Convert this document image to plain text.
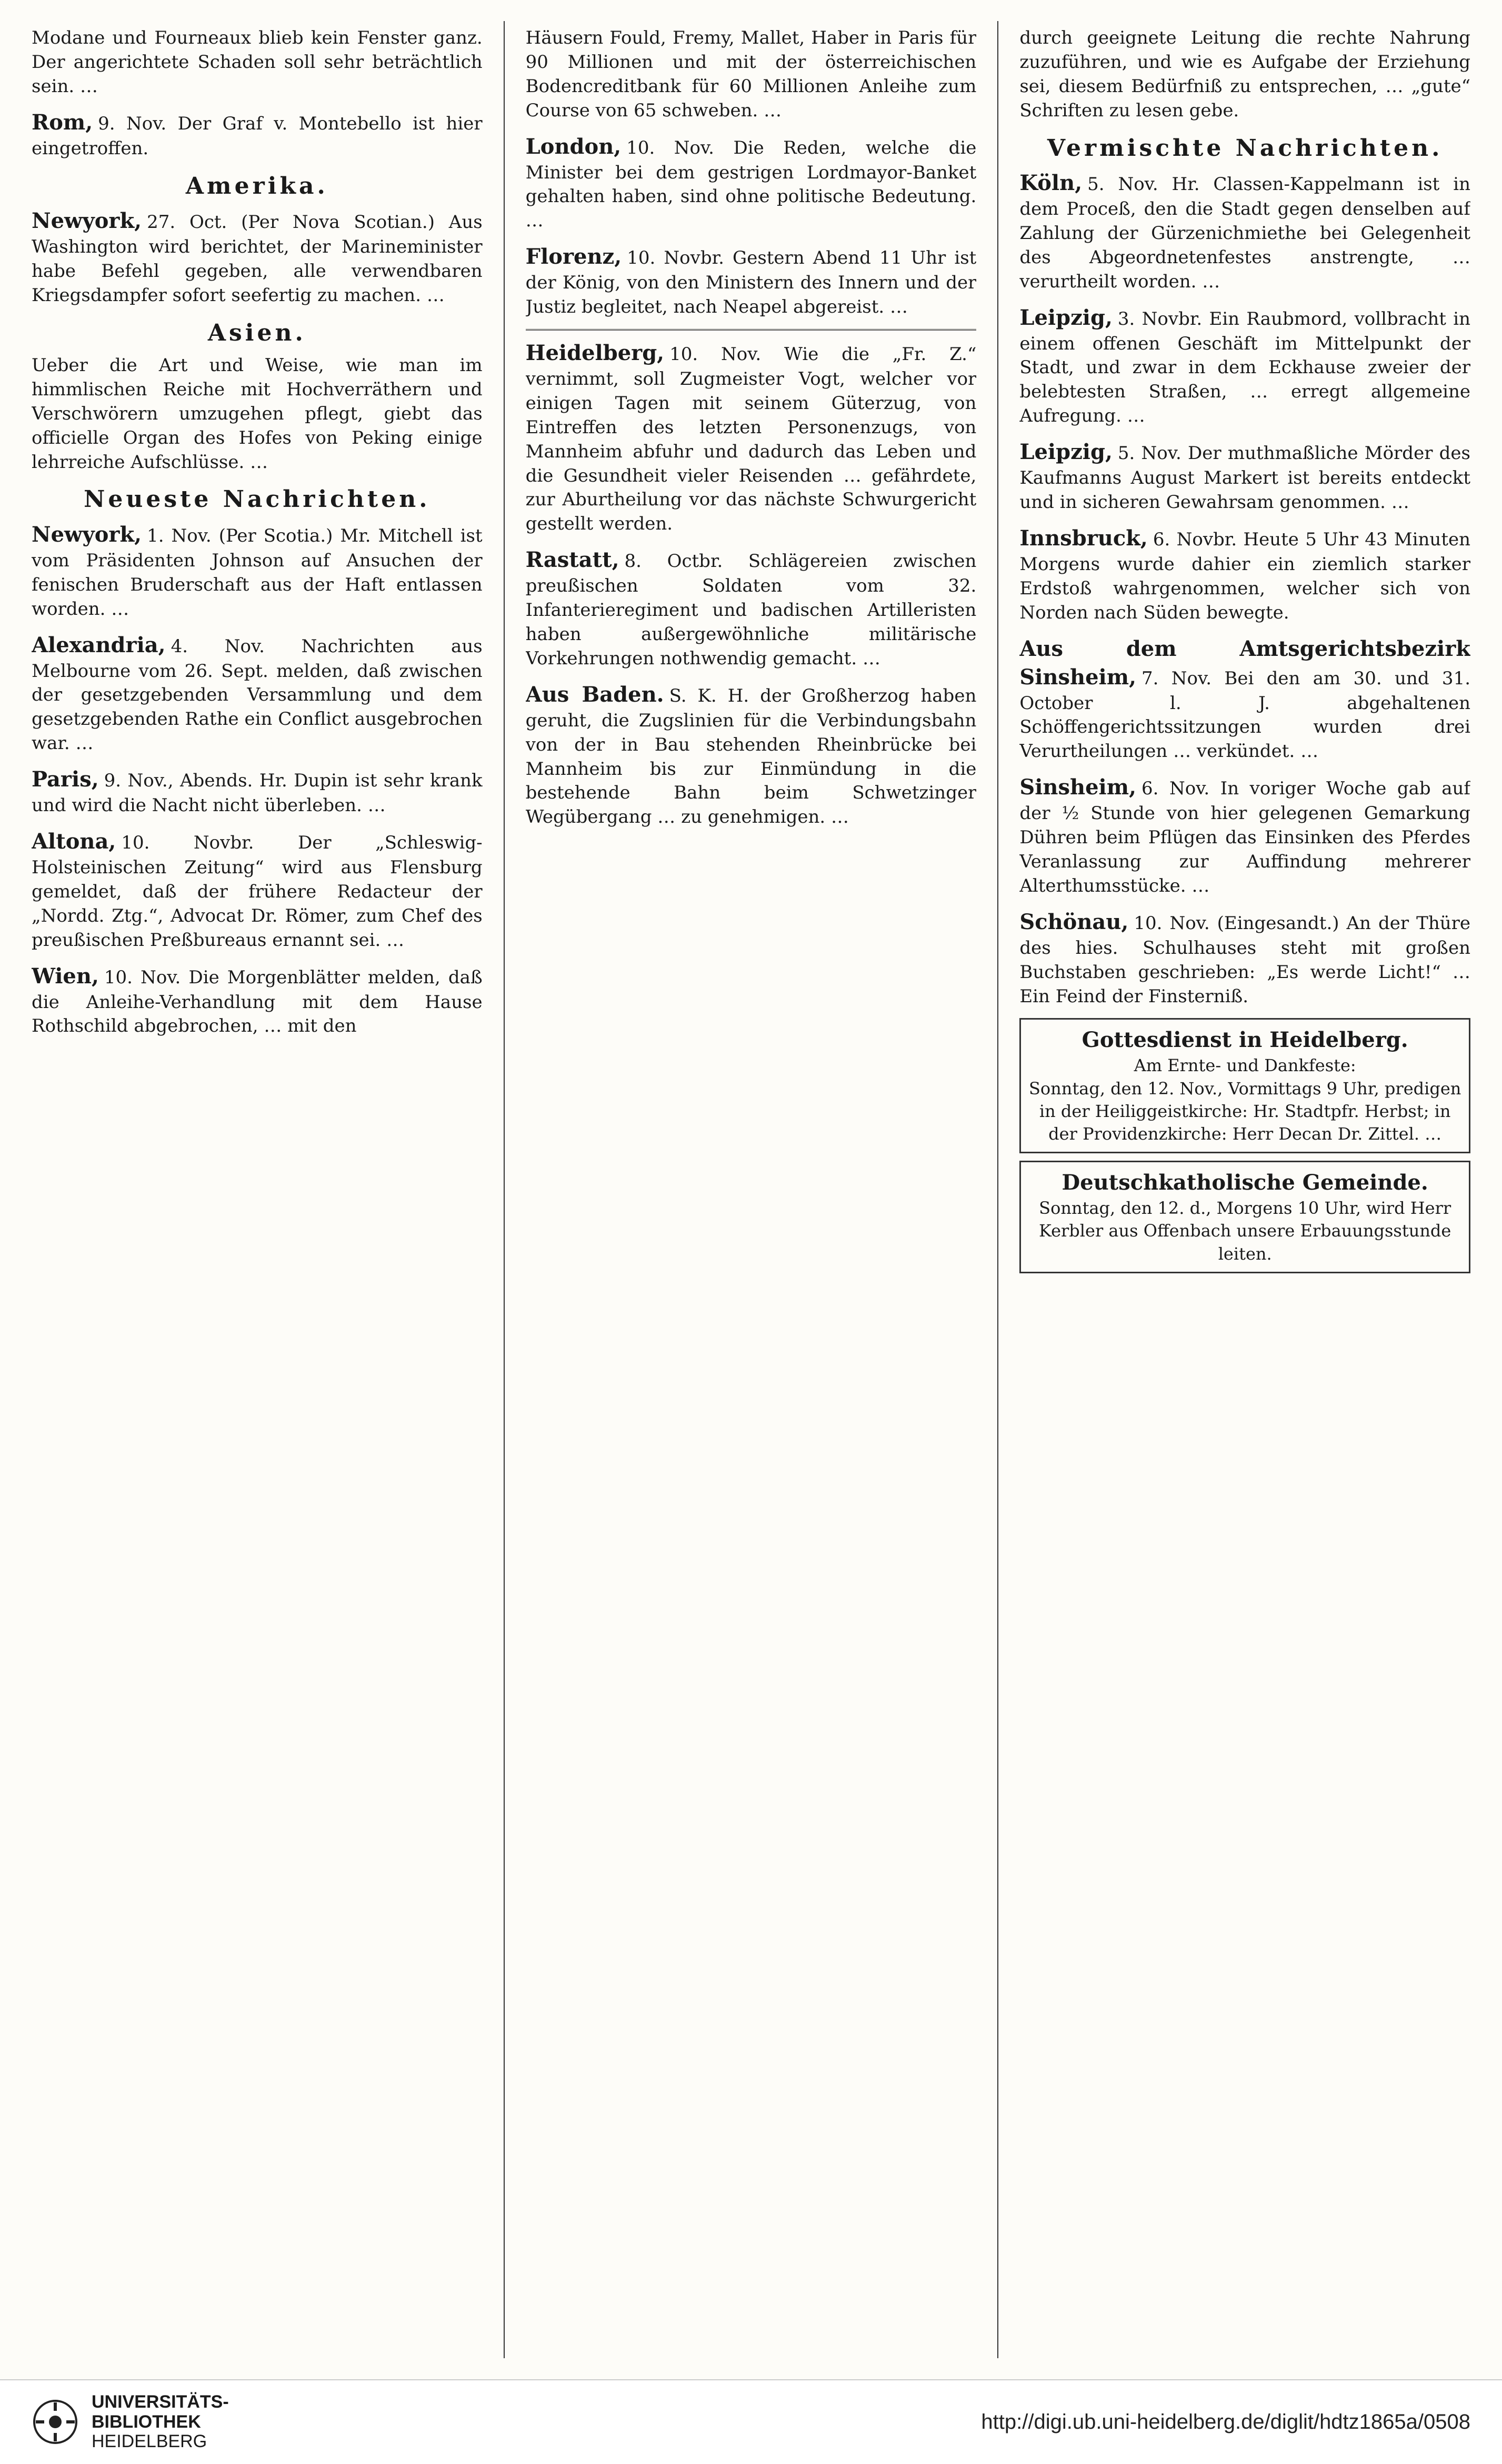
Modane und Fourneaux blieb kein Fenster ganz. Der angerichtete Schaden soll sehr beträchtlich sein. …
Rom, 9. Nov. Der Graf v. Montebello ist hier eingetroffen.
Amerika.
Newyork, 27. Oct. (Per Nova Scotian.) Aus Washington wird berichtet, der Marineminister habe Befehl gegeben, alle verwendbaren Kriegsdampfer sofort seefertig zu machen. …
Asien.
Ueber die Art und Weise, wie man im himmlischen Reiche mit Hochverräthern und Verschwörern umzugehen pflegt, giebt das officielle Organ des Hofes von Peking einige lehrreiche Aufschlüsse. …
Neueste Nachrichten.
Newyork, 1. Nov. (Per Scotia.) Mr. Mitchell ist vom Präsidenten Johnson auf Ansuchen der fenischen Bruderschaft aus der Haft entlassen worden. …
Alexandria, 4. Nov. Nachrichten aus Melbourne vom 26. Sept. melden, daß zwischen der gesetzgebenden Versammlung und dem gesetzgebenden Rathe ein Conflict ausgebrochen war. …
Paris, 9. Nov., Abends. Hr. Dupin ist sehr krank und wird die Nacht nicht überleben. …
Altona, 10. Novbr. Der „Schleswig-Holsteinischen Zeitung“ wird aus Flensburg gemeldet, daß der frühere Redacteur der „Nordd. Ztg.“, Advocat Dr. Römer, zum Chef des preußischen Preßbureaus ernannt sei. …
Wien, 10. Nov. Die Morgenblätter melden, daß die Anleihe-Verhandlung mit dem Hause Rothschild abgebrochen, … mit den
Häusern Fould, Fremy, Mallet, Haber in Paris für 90 Millionen und mit der österreichischen Bodencreditbank für 60 Millionen Anleihe zum Course von 65 schweben. …
London, 10. Nov. Die Reden, welche die Minister bei dem gestrigen Lordmayor-Banket gehalten haben, sind ohne politische Bedeutung. …
Florenz, 10. Novbr. Gestern Abend 11 Uhr ist der König, von den Ministern des Innern und der Justiz begleitet, nach Neapel abgereist. …
Heidelberg, 10. Nov. Wie die „Fr. Z.“ vernimmt, soll Zugmeister Vogt, welcher vor einigen Tagen mit seinem Güterzug, von Eintreffen des letzten Personenzugs, von Mannheim abfuhr und dadurch das Leben und die Gesundheit vieler Reisenden … gefährdete, zur Aburtheilung vor das nächste Schwurgericht gestellt werden.
Rastatt, 8. Octbr. Schlägereien zwischen preußischen Soldaten vom 32. Infanterieregiment und badischen Artilleristen haben außergewöhnliche militärische Vorkehrungen nothwendig gemacht. …
Aus Baden. S. K. H. der Großherzog haben geruht, die Zugslinien für die Verbindungsbahn von der in Bau stehenden Rheinbrücke bei Mannheim bis zur Einmündung in die bestehende Bahn beim Schwetzinger Wegübergang … zu genehmigen. …
durch geeignete Leitung die rechte Nahrung zuzuführen, und wie es Aufgabe der Erziehung sei, diesem Bedürfniß zu entsprechen, … „gute“ Schriften zu lesen gebe.
Vermischte Nachrichten.
Köln, 5. Nov. Hr. Classen-Kappelmann ist in dem Proceß, den die Stadt gegen denselben auf Zahlung der Gürzenichmiethe bei Gelegenheit des Abgeordnetenfestes anstrengte, … verurtheilt worden. …
Leipzig, 3. Novbr. Ein Raubmord, vollbracht in einem offenen Geschäft im Mittelpunkt der Stadt, und zwar in dem Eckhause zweier der belebtesten Straßen, … erregt allgemeine Aufregung. …
Leipzig, 5. Nov. Der muthmaßliche Mörder des Kaufmanns August Markert ist bereits entdeckt und in sicheren Gewahrsam genommen. …
Innsbruck, 6. Novbr. Heute 5 Uhr 43 Minuten Morgens wurde dahier ein ziemlich starker Erdstoß wahrgenommen, welcher sich von Norden nach Süden bewegte.
Aus dem Amtsgerichtsbezirk Sinsheim, 7. Nov. Bei den am 30. und 31. October l. J. abgehaltenen Schöffengerichtssitzungen wurden drei Verurtheilungen … verkündet. …
Sinsheim, 6. Nov. In voriger Woche gab auf der ½ Stunde von hier gelegenen Gemarkung Dühren beim Pflügen das Einsinken des Pferdes Veranlassung zur Auffindung mehrerer Alterthumsstücke. …
Schönau, 10. Nov. (Eingesandt.) An der Thüre des hies. Schulhauses steht mit großen Buchstaben geschrieben: „Es werde Licht!“ … Ein Feind der Finsterniß.
Gottesdienst in Heidelberg.
Am Ernte- und Dankfeste:
Sonntag, den 12. Nov., Vormittags 9 Uhr, predigen in der Heiliggeistkirche: Hr. Stadtpfr. Herbst; in der Providenzkirche: Herr Decan Dr. Zittel. …
Deutschkatholische Gemeinde.
Sonntag, den 12. d., Morgens 10 Uhr, wird Herr Kerbler aus Offenbach unsere Erbauungsstunde leiten.
UNIVERSITÄTS-
BIBLIOTHEK
HEIDELBERG
http://digi.ub.uni-heidelberg.de/diglit/hdtz1865a/0508
